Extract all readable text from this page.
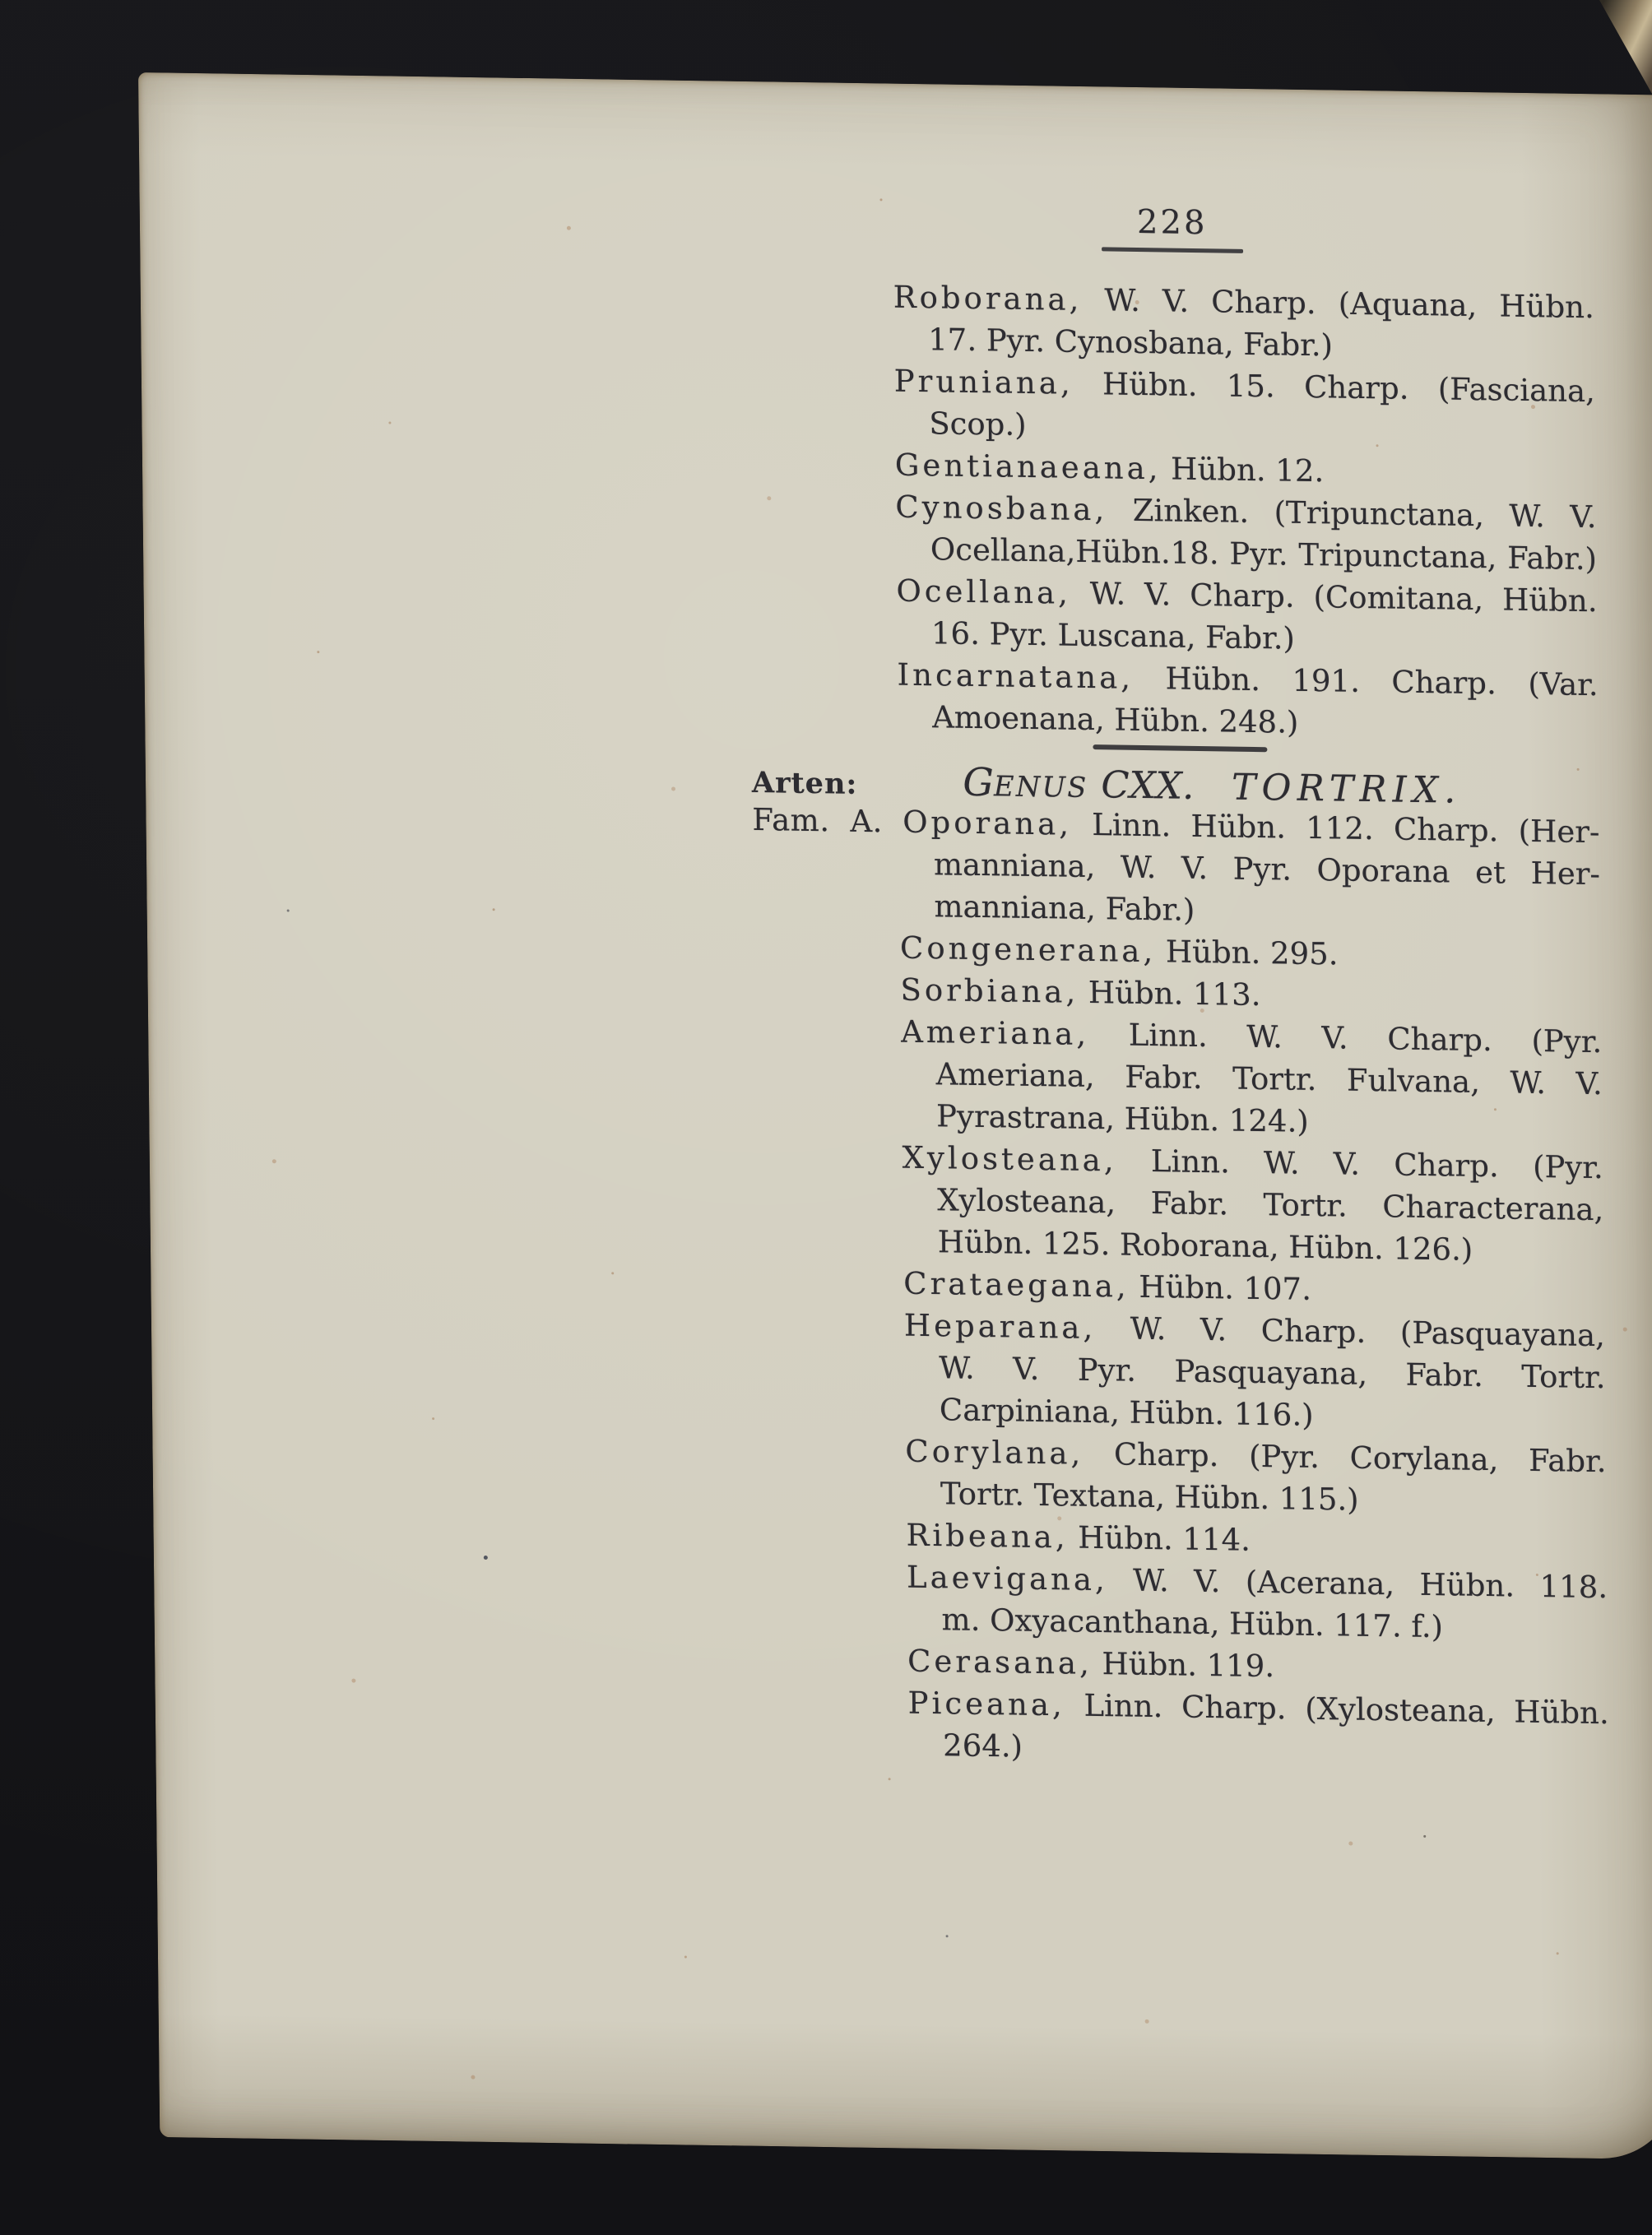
228
Roborana, W. V. Charp. (Aquana, Hübn.
17. Pyr. Cynosbana, Fabr.)
Pruniana, Hübn. 15. Charp. (Fasciana,
Scop.)
Gentianaeana, Hübn. 12.
Cynosbana, Zinken. (Tripunctana, W. V.
Ocellana,Hübn.18. Pyr. Tripunctana, Fabr.)
Ocellana, W. V. Charp. (Comitana, Hübn.
16. Pyr. Luscana, Fabr.)
Incarnatana, Hübn. 191. Charp. (Var.
Amoenana, Hübn. 248.)
Arten:	GENUS CXX. TORTRIX.
Fam. A. Oporana, Linn. Hübn. 112. Charp. (Her-
manniana, W. V. Pyr. Oporana et Her-
manniana, Fabr.)
Congenerana, Hübn. 295.
Sorbiana, Hübn. 113.
Ameriana, Linn. W. V. Charp. (Pyr.
Ameriana, Fabr. Tortr. Fulvana, W. V.
Pyrastrana, Hübn. 124.)
Xylosteana, Linn. W. V. Charp. (Pyr.
Xylosteana, Fabr. Tortr. Characterana,
Hübn. 125. Roborana, Hübn. 126.)
Crataegana, Hübn. 107.
Heparana, W. V. Charp. (Pasquayana,
W. V. Pyr. Pasquayana, Fabr. Tortr.
Carpiniana, Hübn. 116.)
Corylana, Charp. (Pyr. Corylana, Fabr.
Tortr. Textana, Hübn. 115.)
Ribeana, Hübn. 114.
Laevigana, W. V. (Acerana, Hübn. 118.
m. Oxyacanthana, Hübn. 117. f.)
Cerasana, Hübn. 119.
Piceana, Linn. Charp. (Xylosteana, Hübn.
264.)
